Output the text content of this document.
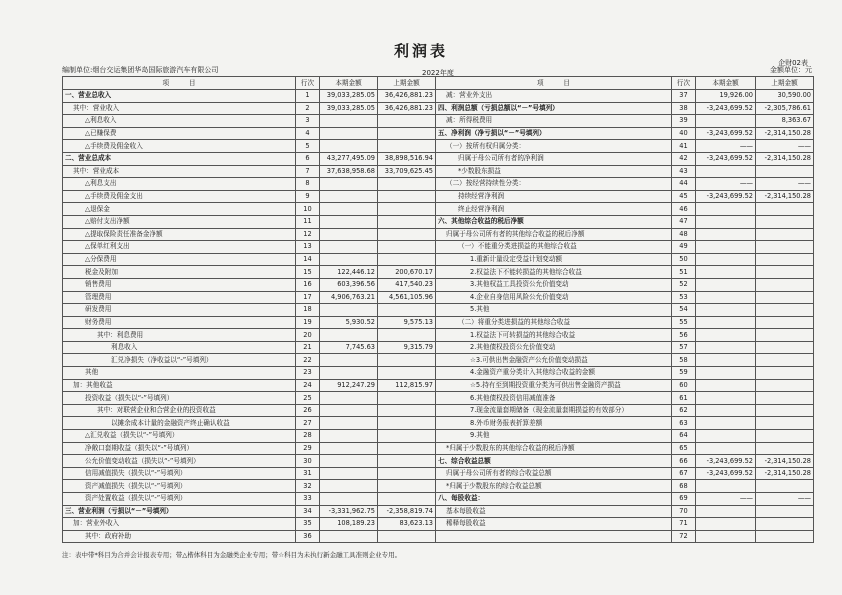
利润表
企财02表
编制单位:烟台交运集团华岛国际旅游汽车有限公司	2022年度	金额单位：元
项　　　目	行次	本期金额	上期金额
一、营业总收入	1	39,033,285.05	36,426,881.23
其中：营业收入	2	39,033,285.05	36,426,881.23
△利息收入	3		
△已赚保费	4		
△手续费及佣金收入	5		
二、营业总成本	6	43,277,495.09	38,898,516.94
其中：营业成本	7	37,638,958.68	33,709,625.45
△利息支出	8		
△手续费及佣金支出	9		
△退保金	10		
△赔付支出净额	11		
△提取保险责任准备金净额	12		
△保单红利支出	13		
△分保费用	14		
税金及附加	15	122,446.12	200,670.17
销售费用	16	603,396.56	417,540.23
管理费用	17	4,906,763.21	4,561,105.96
研发费用	18		
财务费用	19	5,930.52	9,575.13
其中：利息费用	20		
利息收入	21	7,745.63	9,315.79
汇兑净损失（净收益以“-”号填列）	22		
其他	23		
加：其他收益	24	912,247.29	112,815.97
投资收益（损失以“-”号填列）	25		
其中：对联营企业和合营企业的投资收益	26		
以摊余成本计量的金融资产终止确认收益	27		
△汇兑收益（损失以“-”号填列）	28		
净敞口套期收益（损失以“-”号填列）	29		
公允价值变动收益（损失以“-”号填列）	30		
信用减值损失（损失以“-”号填列）	31		
资产减值损失（损失以“-”号填列）	32		
资产处置收益（损失以“-”号填列）	33		
三、营业利润（亏损以“－”号填列）	34	-3,331,962.75	-2,358,819.74
加：营业外收入	35	108,189.23	83,623.13
其中：政府补助	36		
项　　　目	行次	本期金额	上期金额
减：营业外支出	37	19,926.00	30,590.00
四、利润总额（亏损总额以“－”号填列）	38	-3,243,699.52	-2,305,786.61
减：所得税费用	39		8,363.67
五、净利润（净亏损以“－”号填列）	40	-3,243,699.52	-2,314,150.28
（一）按所有权归属分类：	41	——	——
归属于母公司所有者的净利润	42	-3,243,699.52	-2,314,150.28
*少数股东损益	43		
（二）按经营持续性分类：	44	——	——
持续经营净利润	45	-3,243,699.52	-2,314,150.28
终止经营净利润	46		
六、其他综合收益的税后净额	47		
归属于母公司所有者的其他综合收益的税后净额	48		
（一）不能重分类进损益的其他综合收益	49		
1.重新计量设定受益计划变动额	50		
2.权益法下不能转损益的其他综合收益	51		
3.其他权益工具投资公允价值变动	52		
4.企业自身信用风险公允价值变动	53		
5.其他	54		
（二）将重分类进损益的其他综合收益	55		
1.权益法下可转损益的其他综合收益	56		
2.其他债权投资公允价值变动	57		
☆3.可供出售金融资产公允价值变动损益	58		
4.金融资产重分类计入其他综合收益的金额	59		
☆5.持有至到期投资重分类为可供出售金融资产损益	60		
6.其他债权投资信用减值准备	61		
7.现金流量套期储备（现金流量套期损益的有效部分）	62		
8.外币财务报表折算差额	63		
9.其他	64		
*归属于少数股东的其他综合收益的税后净额	65		
七、综合收益总额	66	-3,243,699.52	-2,314,150.28
归属于母公司所有者的综合收益总额	67	-3,243,699.52	-2,314,150.28
*归属于少数股东的综合收益总额	68		
八、每股收益：	69	——	——
基本每股收益	70		
稀释每股收益	71		
	72		
注：表中带*科目为合并会计报表专用；带△楷体科目为金融类企业专用；带☆科目为未执行新金融工具准则企业专用。
